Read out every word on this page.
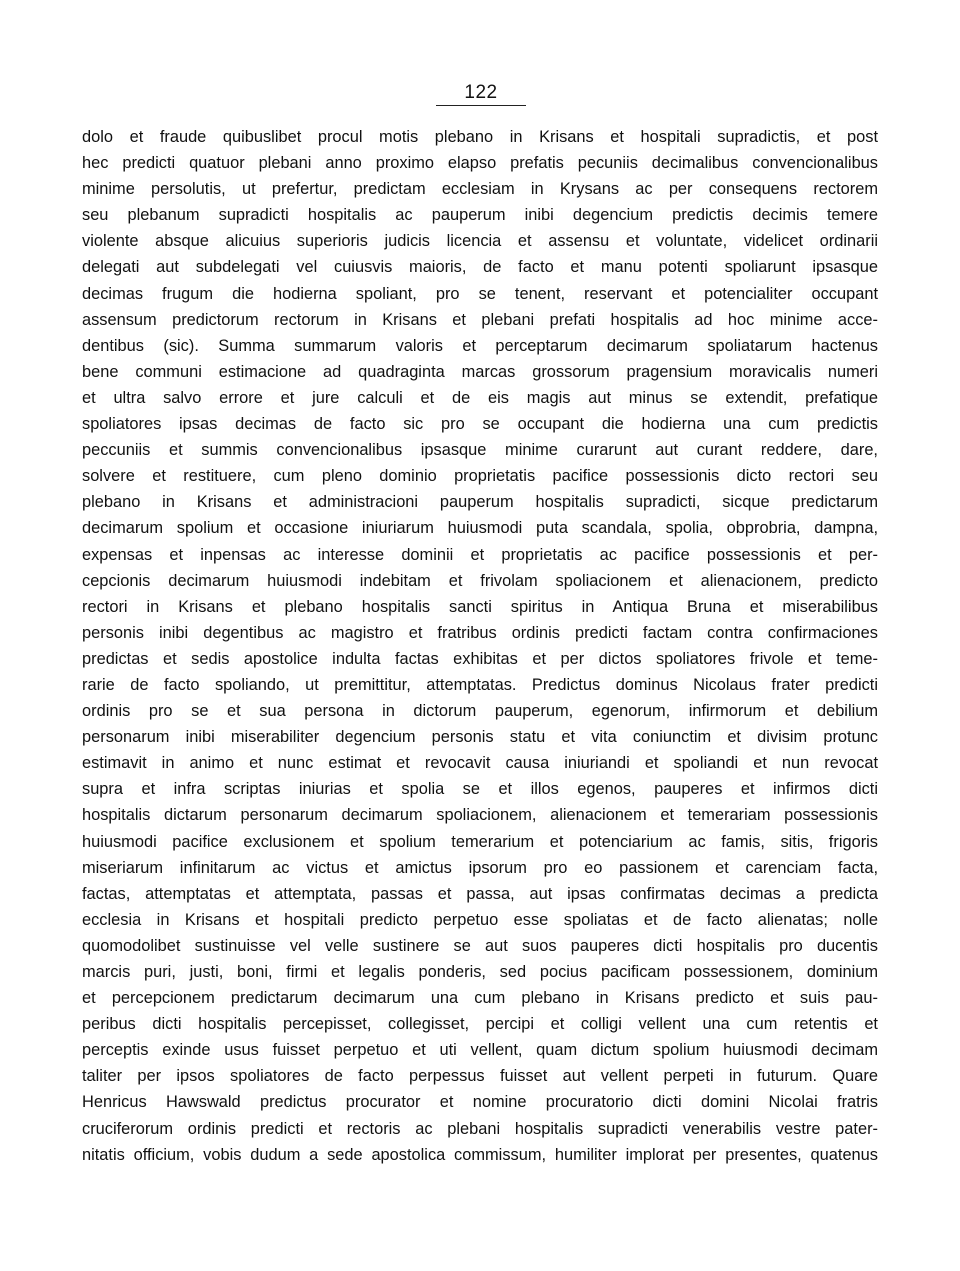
122
dolo et fraude quibuslibet procul motis plebano in Krisans et hospitali supradictis, et post
hec predicti quatuor plebani anno proximo elapso prefatis pecuniis decimalibus convencionalibus
minime persolutis, ut prefertur, predictam ecclesiam in Krysans ac per consequens rectorem
seu plebanum supradicti hospitalis ac pauperum inibi degencium predictis decimis temere
violente absque alicuius superioris judicis licencia et assensu et voluntate, videlicet ordinarii
delegati aut subdelegati vel cuiusvis maioris, de facto et manu potenti spoliarunt ipsasque
decimas frugum die hodierna spoliant, pro se tenent, reservant et potencialiter occupant
assensum predictorum rectorum in Krisans et plebani prefati hospitalis ad hoc minime acce-
dentibus (sic). Summa summarum valoris et perceptarum decimarum spoliatarum hactenus
bene communi estimacione ad quadraginta marcas grossorum pragensium moravicalis numeri
et ultra salvo errore et jure calculi et de eis magis aut minus se extendit, prefatique
spoliatores ipsas decimas de facto sic pro se occupant die hodierna una cum predictis
peccuniis et summis convencionalibus ipsasque minime curarunt aut curant reddere, dare,
solvere et restituere, cum pleno dominio proprietatis pacifice possessionis dicto rectori seu
plebano in Krisans et administracioni pauperum hospitalis supradicti, sicque predictarum
decimarum spolium et occasione iniuriarum huiusmodi puta scandala, spolia, obprobria, dampna,
expensas et inpensas ac interesse dominii et proprietatis ac pacifice possessionis et per-
cepcionis decimarum huiusmodi indebitam et frivolam spoliacionem et alienacionem, predicto
rectori in Krisans et plebano hospitalis sancti spiritus in Antiqua Bruna et miserabilibus
personis inibi degentibus ac magistro et fratribus ordinis predicti factam contra confirmaciones
predictas et sedis apostolice indulta factas exhibitas et per dictos spoliatores frivole et teme-
rarie de facto spoliando, ut premittitur, attemptatas. Predictus dominus Nicolaus frater predicti
ordinis pro se et sua persona in dictorum pauperum, egenorum, infirmorum et debilium
personarum inibi miserabiliter degencium personis statu et vita coniunctim et divisim protunc
estimavit in animo et nunc estimat et revocavit causa iniuriandi et spoliandi et nun revocat
supra et infra scriptas iniurias et spolia se et illos egenos, pauperes et infirmos dicti
hospitalis dictarum personarum decimarum spoliacionem, alienacionem et temerariam possessionis
huiusmodi pacifice exclusionem et spolium temerarium et potenciarium ac famis, sitis, frigoris
miseriarum infinitarum ac victus et amictus ipsorum pro eo passionem et carenciam facta,
factas, attemptatas et attemptata, passas et passa, aut ipsas confirmatas decimas a predicta
ecclesia in Krisans et hospitali predicto perpetuo esse spoliatas et de facto alienatas; nolle
quomodolibet sustinuisse vel velle sustinere se aut suos pauperes dicti hospitalis pro ducentis
marcis puri, justi, boni, firmi et legalis ponderis, sed pocius pacificam possessionem, dominium
et percepcionem predictarum decimarum una cum plebano in Krisans predicto et suis pau-
peribus dicti hospitalis percepisset, collegisset, percipi et colligi vellent una cum retentis et
perceptis exinde usus fuisset perpetuo et uti vellent, quam dictum spolium huiusmodi decimam
taliter per ipsos spoliatores de facto perpessus fuisset aut vellent perpeti in futurum. Quare
Henricus Hawswald predictus procurator et nomine procuratorio dicti domini Nicolai fratris
cruciferorum ordinis predicti et rectoris ac plebani hospitalis supradicti venerabilis vestre pater-
nitatis officium, vobis dudum a sede apostolica commissum, humiliter implorat per presentes, quatenus
